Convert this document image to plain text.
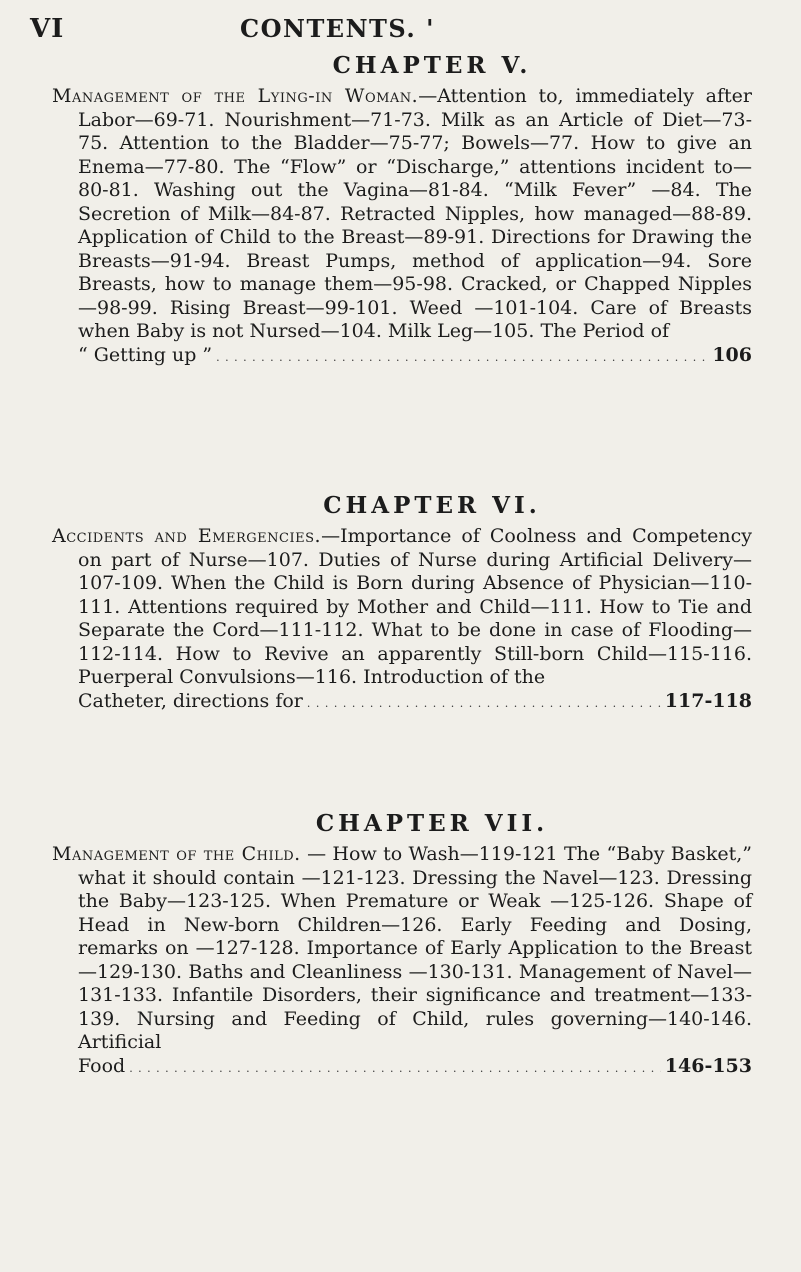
VI	CONTENTS. '
CHAPTER V.

Management of the Lying-in Woman.—Attention to, immediately after Labor—69-71. Nourishment—71-73. Milk as an Article of Diet—73-75. Attention to the Bladder—75-77; Bowels—77. How to give an Enema—77-80. The “Flow” or “Discharge,” attentions incident to—80-81. Washing out the Vagina—81-84. “Milk Fever” —84. The Secretion of Milk—84-87. Retracted Nipples, how managed—88-89. Application of Child to the Breast—89-91. Directions for Drawing the Breasts—91-94. Breast Pumps, method of application—94. Sore Breasts, how to manage them—95-98. Cracked, or Chapped Nipples—98-99. Rising Breast—99-101. Weed —101-104. Care of Breasts when Baby is not Nursed—104. Milk Leg—105. The Period of

“ Getting up ” . . .	106
CHAPTER VI.

Accidents and Emergencies.—Importance of Coolness and Competency on part of Nurse—107. Duties of Nurse during Artificial Delivery—107-109. When the Child is Born during Absence of Physician—110-111. Attentions required by Mother and Child—111. How to Tie and Separate the Cord—111-112. What to be done in case of Flooding—112-114. How to Revive an apparently Still-born Child—115-116. Puerperal Convulsions—116. Introduction of the

Catheter, directions for . . .	117-118
CHAPTER VII.

Management of the Child. — How to Wash—119-121 The “Baby Basket,” what it should contain —121-123. Dressing the Navel—123. Dressing the Baby—123-125. When Premature or Weak —125-126. Shape of Head in New-born Children—126. Early Feeding and Dosing, remarks on —127-128. Importance of Early Application to the Breast—129-130. Baths and Cleanliness —130-131. Management of Navel—131-133. Infantile Disorders, their significance and treatment—133-139. Nursing and Feeding of Child, rules governing—140-146. Artificial

Food . . .	146-153
